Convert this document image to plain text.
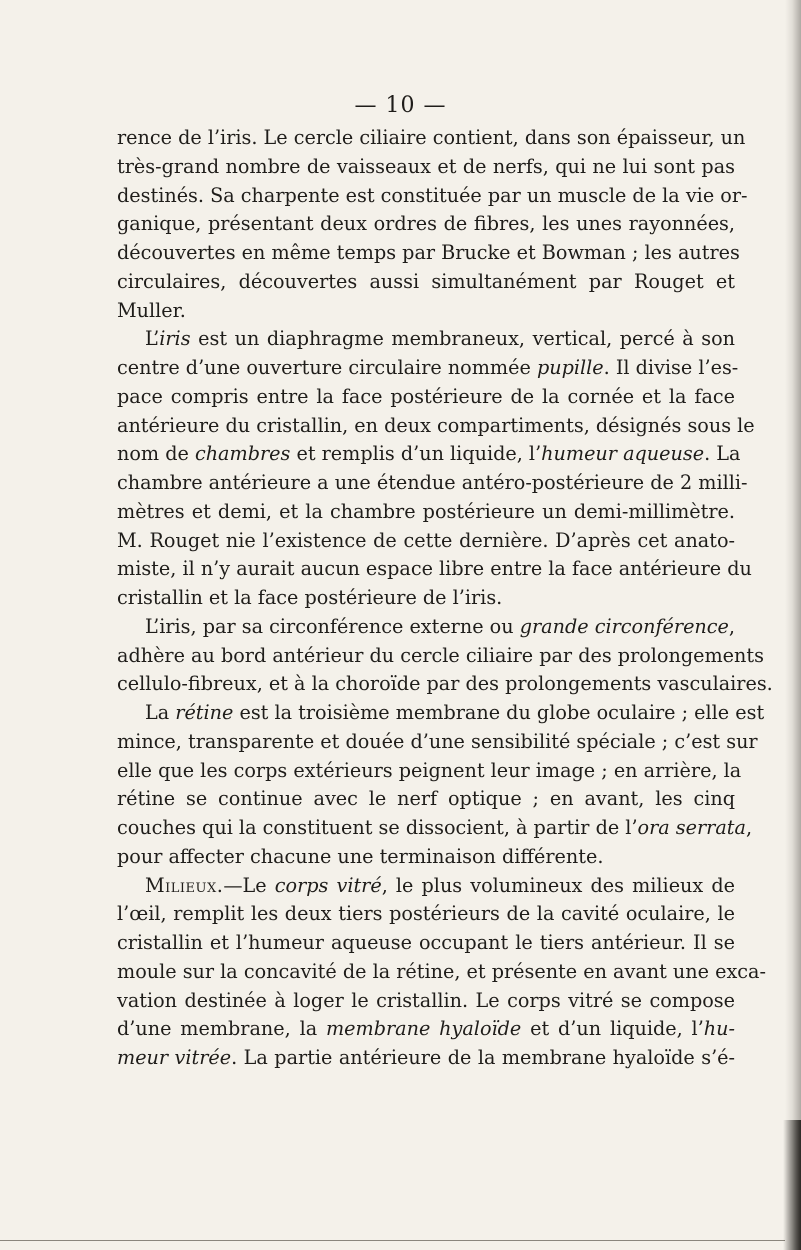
— 10 —
rence de l’iris. Le cercle ciliaire contient, dans son épaisseur, un
très-grand nombre de vaisseaux et de nerfs, qui ne lui sont pas
destinés. Sa charpente est constituée par un muscle de la vie or-
ganique, présentant deux ordres de fibres, les unes rayonnées,
découvertes en même temps par Brucke et Bowman ; les autres
circulaires, découvertes aussi simultanément par Rouget et
Muller.
L’iris est un diaphragme membraneux, vertical, percé à son
centre d’une ouverture circulaire nommée pupille. Il divise l’es-
pace compris entre la face postérieure de la cornée et la face
antérieure du cristallin, en deux compartiments, désignés sous le
nom de chambres et remplis d’un liquide, l’humeur aqueuse. La
chambre antérieure a une étendue antéro-postérieure de 2 milli-
mètres et demi, et la chambre postérieure un demi-millimètre.
M. Rouget nie l’existence de cette dernière. D’après cet anato-
miste, il n’y aurait aucun espace libre entre la face antérieure du
cristallin et la face postérieure de l’iris.
L’iris, par sa circonférence externe ou grande circonférence,
adhère au bord antérieur du cercle ciliaire par des prolongements
cellulo-fibreux, et à la choroïde par des prolongements vasculaires.
La rétine est la troisième membrane du globe oculaire ; elle est
mince, transparente et douée d’une sensibilité spéciale ; c’est sur
elle que les corps extérieurs peignent leur image ; en arrière, la
rétine se continue avec le nerf optique ; en avant, les cinq
couches qui la constituent se dissocient, à partir de l’ora serrata,
pour affecter chacune une terminaison différente.
Milieux.—Le corps vitré, le plus volumineux des milieux de
l’œil, remplit les deux tiers postérieurs de la cavité oculaire, le
cristallin et l’humeur aqueuse occupant le tiers antérieur. Il se
moule sur la concavité de la rétine, et présente en avant une exca-
vation destinée à loger le cristallin. Le corps vitré se compose
d’une membrane, la membrane hyaloïde et d’un liquide, l’hu-
meur vitrée. La partie antérieure de la membrane hyaloïde s’é-
